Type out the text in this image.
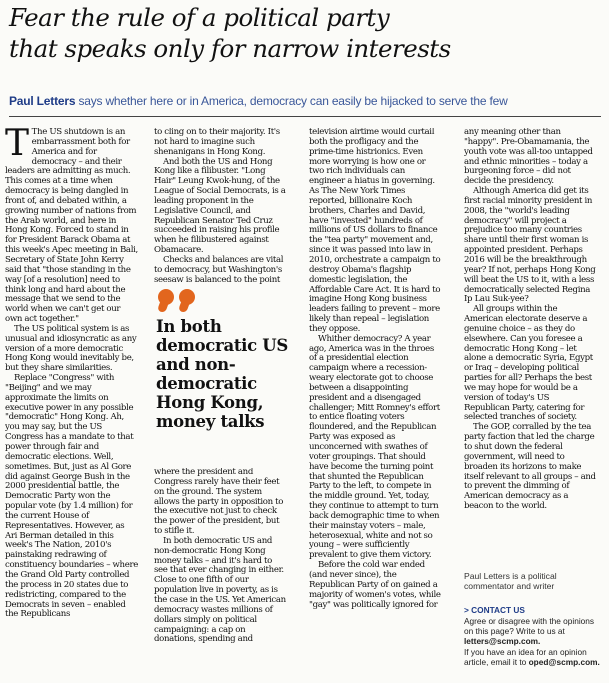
Fear the rule of a political party
that speaks only for narrow interests
Paul Letters says whether here or in America, democracy can easily be hijacked to serve the few

T The US shutdown is an embarrassment both for America and for democracy – and their leaders are admitting as much. This comes at a time when democracy is being dangled in front of, and debated within, a growing number of nations from the Arab world, and here in Hong Kong. Forced to stand in for President Barack Obama at this week's Apec meeting in Bali, Secretary of State John Kerry said that "those standing in the way [of a resolution] need to think long and hard about the message that we send to the world when we can't get our own act together."

The US political system is as unusual and idiosyncratic as any version of a more democratic Hong Kong would inevitably be, but they share similarities.

Replace "Congress" with "Beijing" and we may approximate the limits on executive power in any possible "democratic" Hong Kong. Ah, you may say, but the US Congress has a mandate to that power through fair and democratic elections. Well, sometimes. But, just as Al Gore did against George Bush in the 2000 presidential battle, the Democratic Party won the popular vote (by 1.4 million) for the current House of Representatives. However, as Ari Berman detailed in this week's The Nation, 2010's painstaking redrawing of constituency boundaries – where the Grand Old Party controlled the process in 20 states due to redistricting, compared to the Democrats in seven – enabled the Republicans

to cling on to their majority. It's not hard to imagine such shenanigans in Hong Kong.

And both the US and Hong Kong like a filibuster. "Long Hair" Leung Kwok-hung, of the League of Social Democrats, is a leading proponent in the Legislative Council, and Republican Senator Ted Cruz succeeded in raising his profile when he filibustered against Obamacare.

Checks and balances are vital to democracy, but Washington's seesaw is balanced to the point

In both democratic US and non-democratic Hong Kong, money talks

where the president and Congress rarely have their feet on the ground. The system allows the party in opposition to the executive not just to check the power of the president, but to stifle it.

In both democratic US and non-democratic Hong Kong money talks – and it's hard to see that ever changing in either. Close to one fifth of our population live in poverty, as is the case in the US. Yet American democracy wastes millions of dollars simply on political campaigning: a cap on donations, spending and

television airtime would curtail both the profligacy and the prime-time histrionics. Even more worrying is how one or two rich individuals can engineer a hiatus in governing. As The New York Times reported, billionaire Koch brothers, Charles and David, have "invested" hundreds of millions of US dollars to finance the "tea party" movement and, since it was passed into law in 2010, orchestrate a campaign to destroy Obama's flagship domestic legislation, the Affordable Care Act. It is hard to imagine Hong Kong business leaders failing to prevent – more likely than repeal – legislation they oppose.

Whither democracy? A year ago, America was in the throes of a presidential election campaign where a recession-weary electorate got to choose between a disappointing president and a disengaged challenger; Mitt Romney's effort to entice floating voters floundered, and the Republican Party was exposed as unconcerned with swathes of voter groupings. That should have become the turning point that shunted the Republican Party to the left, to compete in the middle ground. Yet, today, they continue to attempt to turn back demographic time to when their mainstay voters – male, heterosexual, white and not so young – were sufficiently prevalent to give them victory.

Before the cold war ended (and never since), the Republican Party of on gained a majority of women's votes, while "gay" was politically ignored for

any meaning other than "happy". Pre-Obamamania, the youth vote was all-too untapped and ethnic minorities – today a burgeoning force – did not decide the presidency.

Although America did get its first racial minority president in 2008, the "world's leading democracy" will project a prejudice too many countries share until their first woman is appointed president. Perhaps 2016 will be the breakthrough year? If not, perhaps Hong Kong will beat the US to it, with a less democratically selected Regina Ip Lau Suk-yee?

All groups within the American electorate deserve a genuine choice – as they do elsewhere. Can you foresee a democratic Hong Kong – let alone a democratic Syria, Egypt or Iraq – developing political parties for all? Perhaps the best we may hope for would be a version of today's US Republican Party, catering for selected tranches of society.

The GOP, corralled by the tea party faction that led the charge to shut down the federal government, will need to broaden its horizons to make itself relevant to all groups – and to prevent the dimming of American democracy as a beacon to the world.

Paul Letters is a political commentator and writer
> CONTACT US

Agree or disagree with the opinions on this page? Write to us at letters@scmp.com.

If you have an idea for an opinion article, email it to oped@scmp.com.
